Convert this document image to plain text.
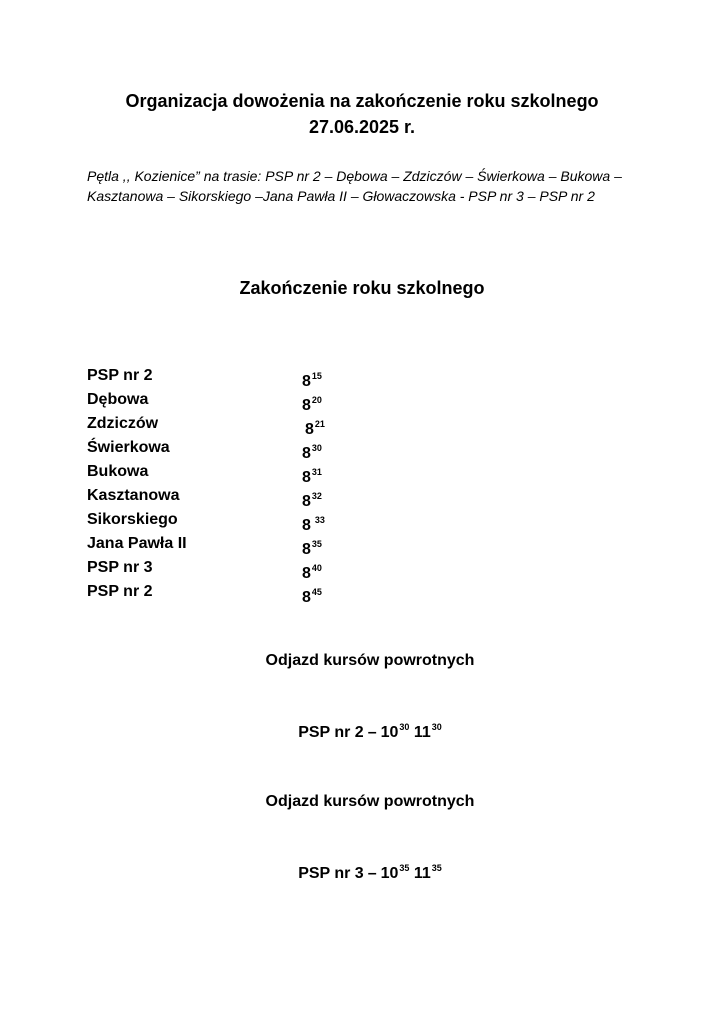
Organizacja dowożenia na zakończenie roku szkolnego
27.06.2025 r.
Pętla ,, Kozienice” na trasie: PSP nr 2 – Dębowa – Zdziczów – Świerkowa – Bukowa – Kasztanowa – Sikorskiego –Jana Pawła II – Głowaczowska - PSP nr 3 – PSP nr 2
Zakończenie roku szkolnego
PSP nr 2	$8^{15}$
Dębowa	$8^{20}$
Zdziczów	$8^{21}$
Świerkowa	$8^{30}$
Bukowa	$8^{31}$
Kasztanowa	$8^{32}$
Sikorskiego	8 $^{33}$
Jana Pawła II	$8^{35}$
PSP nr 3	$8^{40}$
PSP nr 2	$8^{45}$
Odjazd kursów powrotnych
PSP nr $2 - 10^{30}$ $11^{30}$
Odjazd kursów powrotnych
PSP nr $3 - 10^{35}$ $11^{35}$
